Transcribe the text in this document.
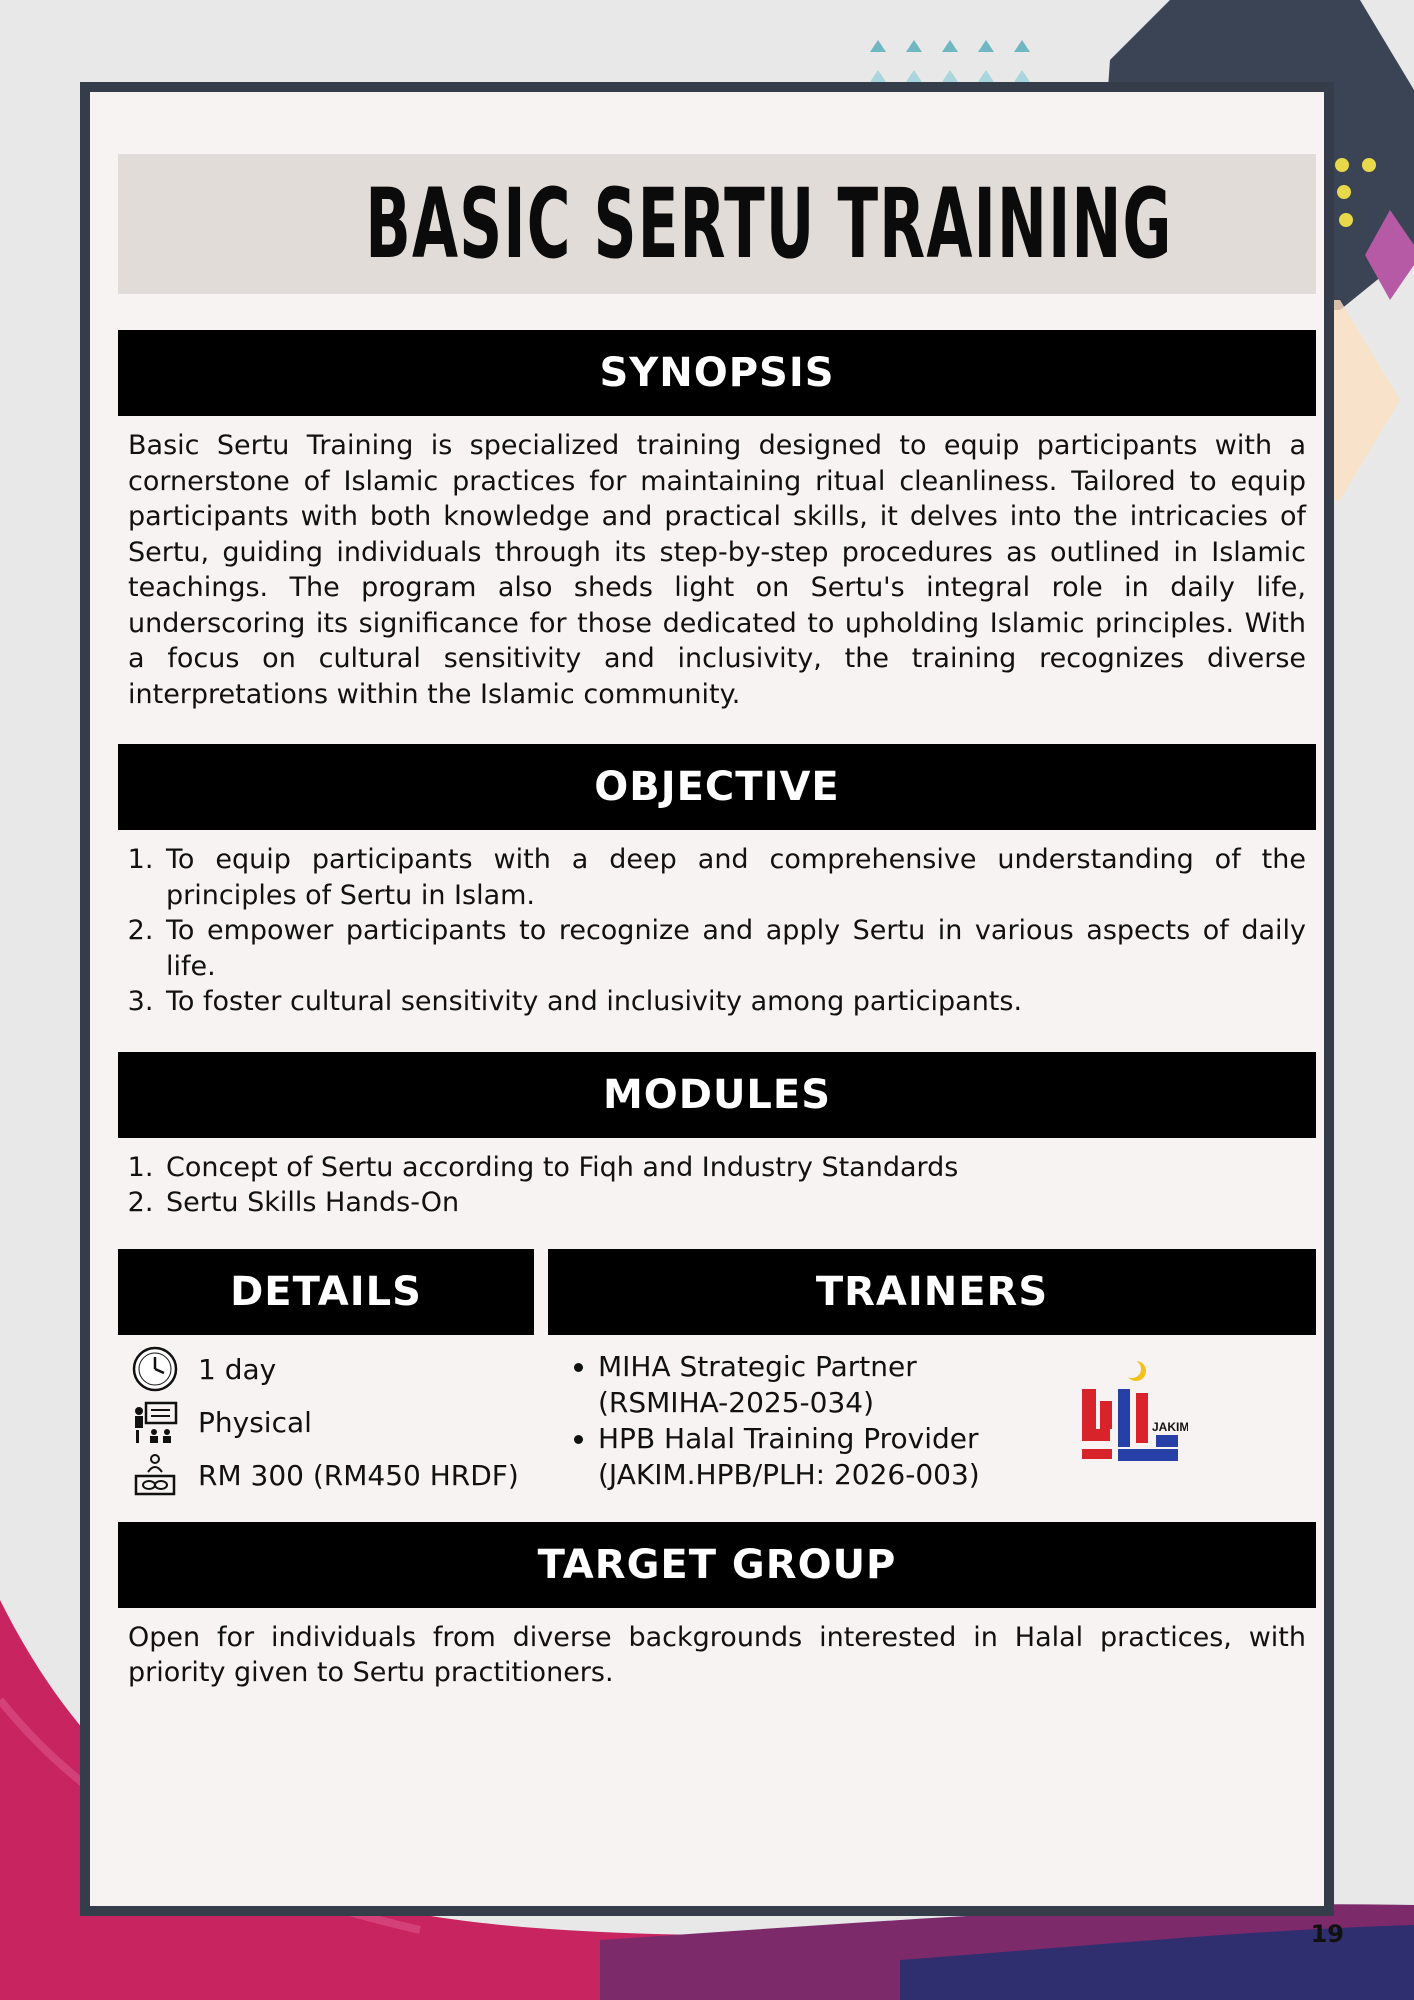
BASIC SERTU TRAINING
SYNOPSIS
Basic Sertu Training is specialized training designed to equip participants with a cornerstone of Islamic practices for maintaining ritual cleanliness. Tailored to equip participants with both knowledge and practical skills, it delves into the intricacies of Sertu, guiding individuals through its step-by-step procedures as outlined in Islamic teachings. The program also sheds light on Sertu's integral role in daily life, underscoring its significance for those dedicated to upholding Islamic principles. With a focus on cultural sensitivity and inclusivity, the training recognizes diverse interpretations within the Islamic community.
OBJECTIVE
1. To equip participants with a deep and comprehensive understanding of the principles of Sertu in Islam.
2. To empower participants to recognize and apply Sertu in various aspects of daily life.
3. To foster cultural sensitivity and inclusivity among participants.
MODULES
1. Concept of Sertu according to Fiqh and Industry Standards
2. Sertu Skills Hands-On
DETAILS
1 day
Physical
RM 300 (RM450 HRDF)
TRAINERS
• MIHA Strategic Partner (RSMIHA-2025-034)
• HPB Halal Training Provider (JAKIM.HPB/PLH: 2026-003)
JAKIM
TARGET GROUP
Open for individuals from diverse backgrounds interested in Halal practices, with priority given to Sertu practitioners.
19
